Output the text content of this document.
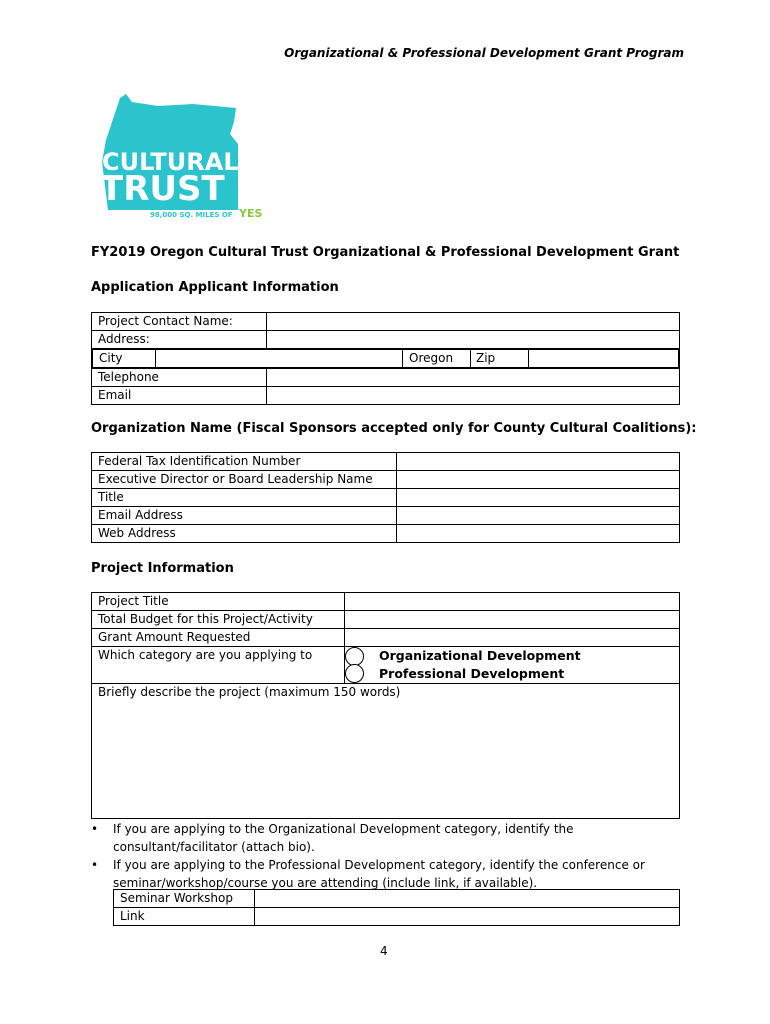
Organizational & Professional Development Grant Program
CULTURAL
TRUST
98,000 SQ. MILES OF YES
FY2019 Oregon Cultural Trust Organizational & Professional Development Grant
Application Applicant Information
Project Contact Name:	
Address:	

City		Oregon	Zip	

Telephone	
Email	
Organization Name (Fiscal Sponsors accepted only for County Cultural Coalitions):
Federal Tax Identification Number	
Executive Director or Board Leadership Name	
Title	
Email Address	
Web Address	
Project Information
Project Title	
Total Budget for this Project/Activity	
Grant Amount Requested	
Which category are you applying to	Organizational Development
Professional Development

Briefly describe the project (maximum 150 words)	
• If you are applying to the Organizational Development category, identify the consultant/facilitator (attach bio).
• If you are applying to the Professional Development category, identify the conference or seminar/workshop/course you are attending (include link, if available).
Seminar Workshop	
Link	
4
